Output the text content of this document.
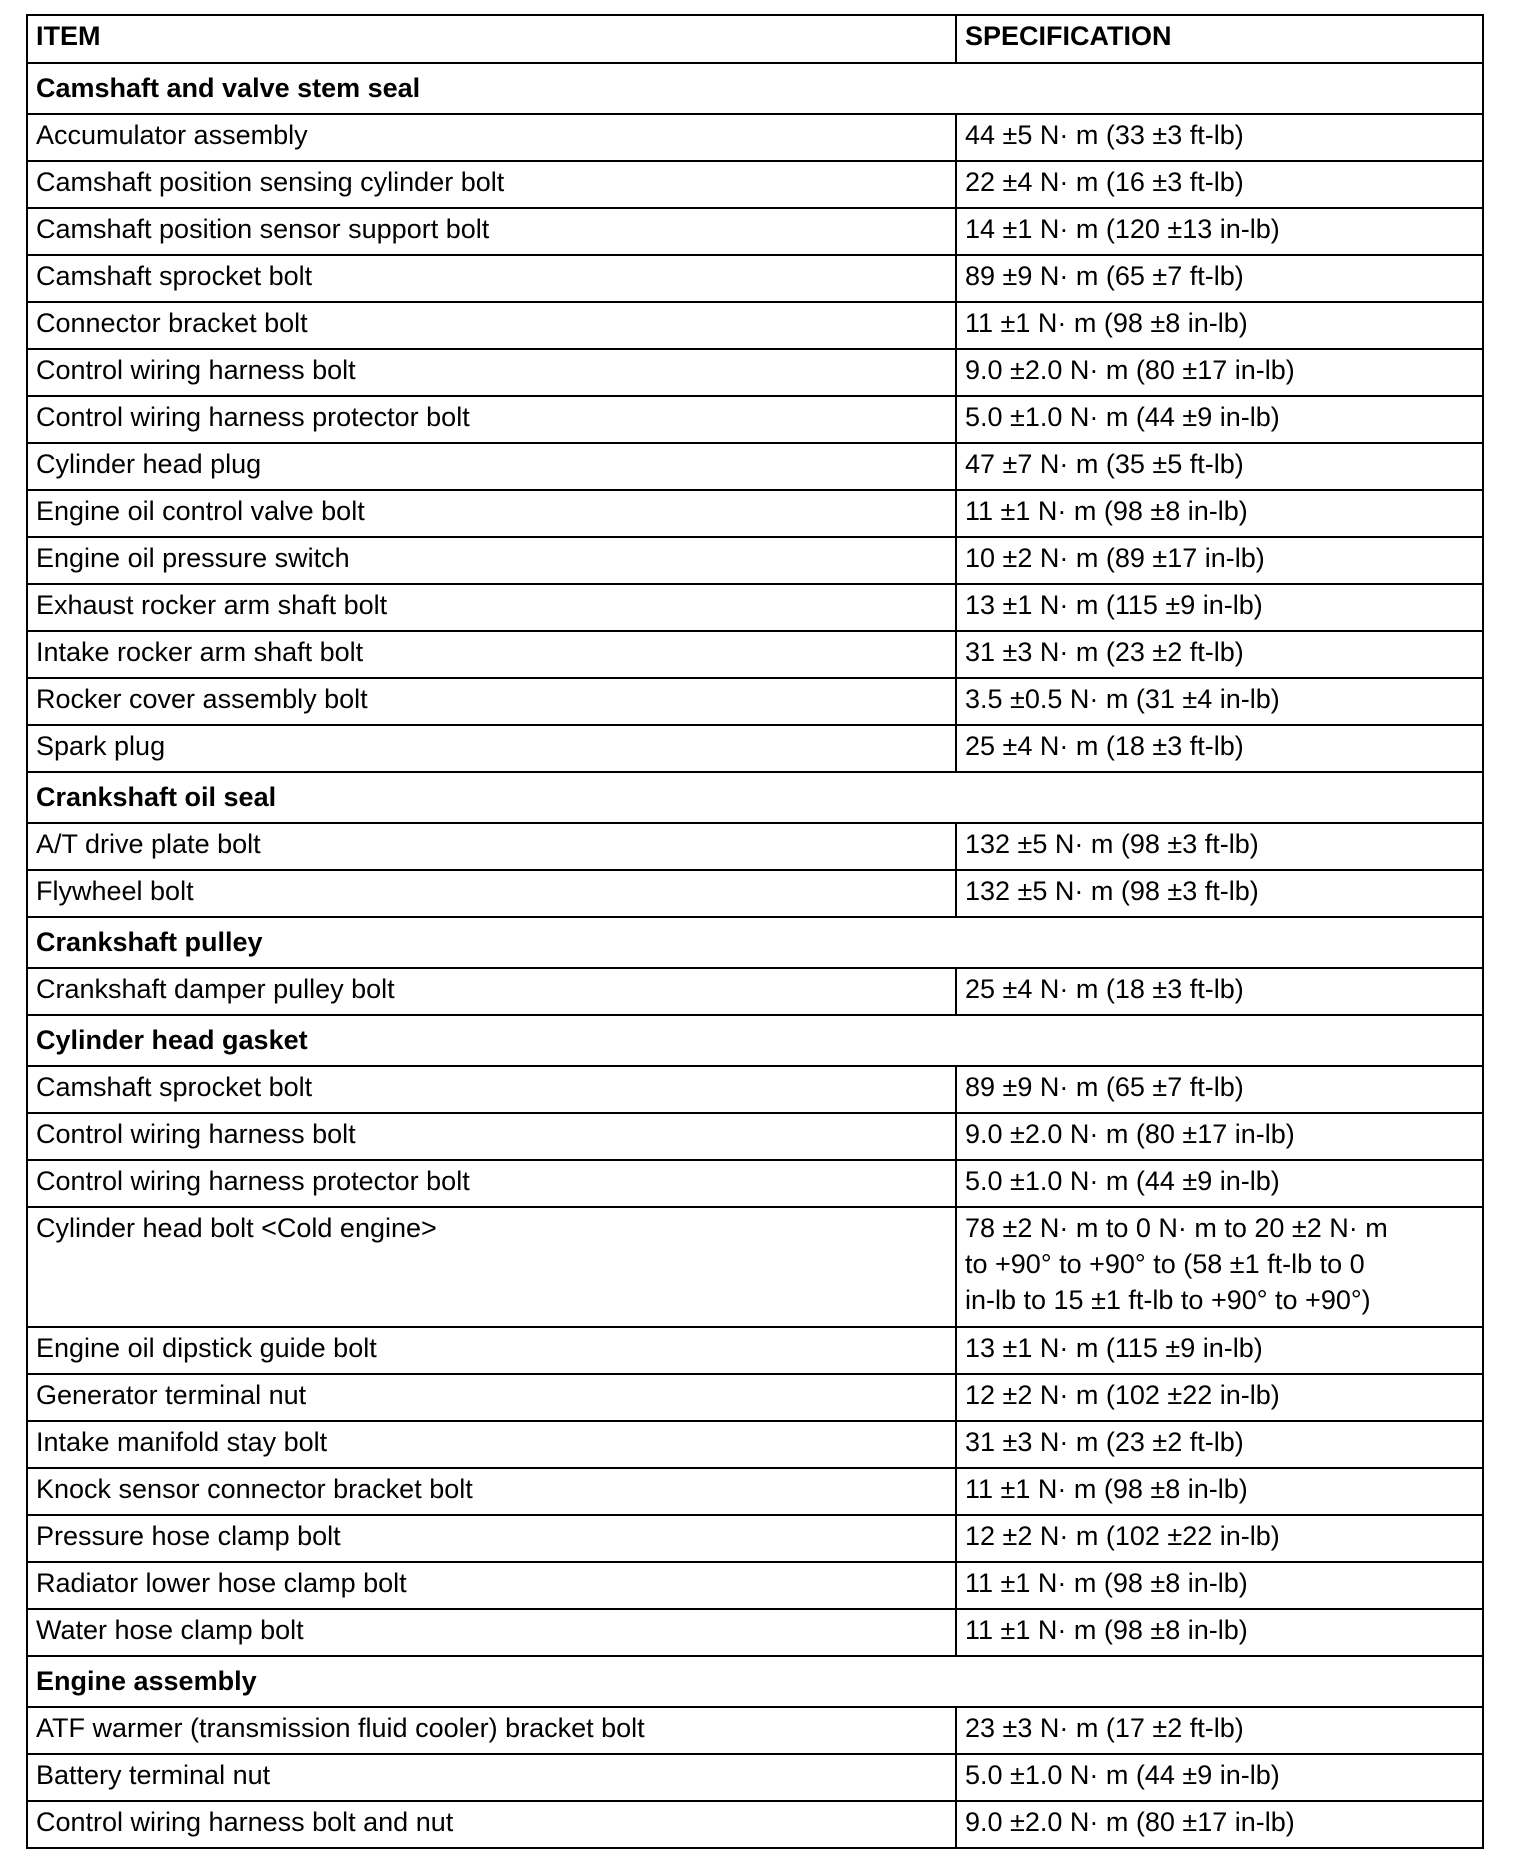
ITEM	SPECIFICATION
Camshaft and valve stem seal	
Accumulator assembly	44 ±5 N· m (33 ±3 ft-lb)
Camshaft position sensing cylinder bolt	22 ±4 N· m (16 ±3 ft-lb)
Camshaft position sensor support bolt	14 ±1 N· m (120 ±13 in-lb)
Camshaft sprocket bolt	89 ±9 N· m (65 ±7 ft-lb)
Connector bracket bolt	11 ±1 N· m (98 ±8 in-lb)
Control wiring harness bolt	9.0 ±2.0 N· m (80 ±17 in-lb)
Control wiring harness protector bolt	5.0 ±1.0 N· m (44 ±9 in-lb)
Cylinder head plug	47 ±7 N· m (35 ±5 ft-lb)
Engine oil control valve bolt	11 ±1 N· m (98 ±8 in-lb)
Engine oil pressure switch	10 ±2 N· m (89 ±17 in-lb)
Exhaust rocker arm shaft bolt	13 ±1 N· m (115 ±9 in-lb)
Intake rocker arm shaft bolt	31 ±3 N· m (23 ±2 ft-lb)
Rocker cover assembly bolt	3.5 ±0.5 N· m (31 ±4 in-lb)
Spark plug	25 ±4 N· m (18 ±3 ft-lb)
Crankshaft oil seal	
A/T drive plate bolt	132 ±5 N· m (98 ±3 ft-lb)
Flywheel bolt	132 ±5 N· m (98 ±3 ft-lb)
Crankshaft pulley	
Crankshaft damper pulley bolt	25 ±4 N· m (18 ±3 ft-lb)
Cylinder head gasket	
Camshaft sprocket bolt	89 ±9 N· m (65 ±7 ft-lb)
Control wiring harness bolt	9.0 ±2.0 N· m (80 ±17 in-lb)
Control wiring harness protector bolt	5.0 ±1.0 N· m (44 ±9 in-lb)
Cylinder head bolt <Cold engine>	78 ±2 N· m to 0 N· m to 20 ±2 N· m
to +90° to +90° to (58 ±1 ft-lb to 0
in-lb to 15 ±1 ft-lb to +90° to +90°)
Engine oil dipstick guide bolt	13 ±1 N· m (115 ±9 in-lb)
Generator terminal nut	12 ±2 N· m (102 ±22 in-lb)
Intake manifold stay bolt	31 ±3 N· m (23 ±2 ft-lb)
Knock sensor connector bracket bolt	11 ±1 N· m (98 ±8 in-lb)
Pressure hose clamp bolt	12 ±2 N· m (102 ±22 in-lb)
Radiator lower hose clamp bolt	11 ±1 N· m (98 ±8 in-lb)
Water hose clamp bolt	11 ±1 N· m (98 ±8 in-lb)
Engine assembly	
ATF warmer (transmission fluid cooler) bracket bolt	23 ±3 N· m (17 ±2 ft-lb)
Battery terminal nut	5.0 ±1.0 N· m (44 ±9 in-lb)
Control wiring harness bolt and nut	9.0 ±2.0 N· m (80 ±17 in-lb)
